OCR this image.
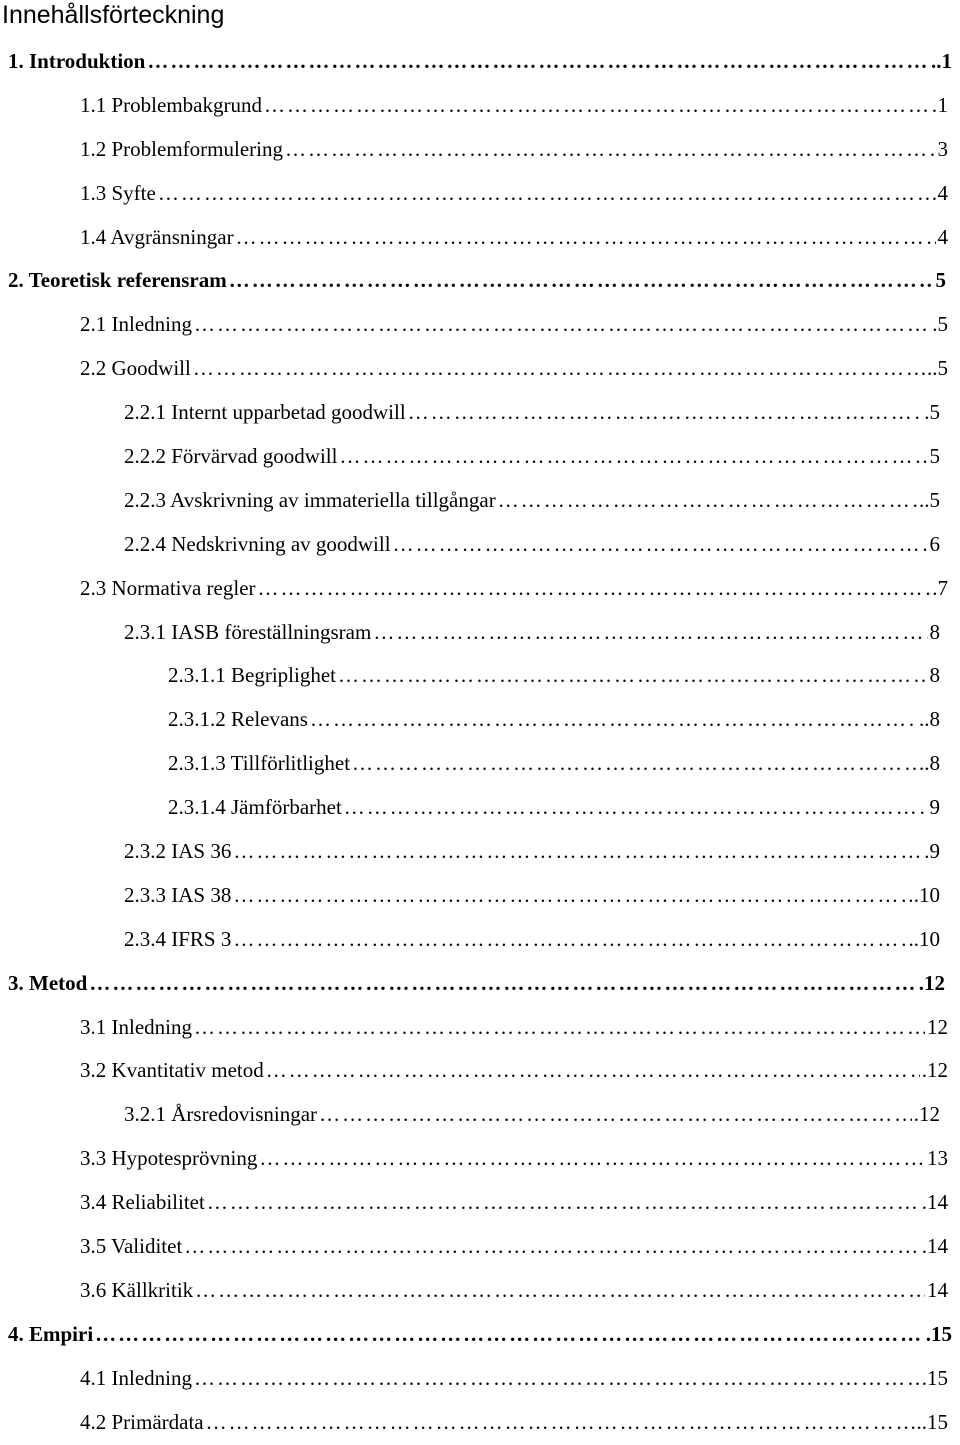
Innehållsförteckning
1. Introduktion …………………………………………………………………………………………………………………………………………………………………………………………	..1
1.1 Problembakgrund …………………………………………………………………………………………………………………………………………………………………………………………	1
1.2 Problemformulering …………………………………………………………………………………………………………………………………………………………………………………………	3
1.3 Syfte …………………………………………………………………………………………………………………………………………………………………………………………	4
1.4 Avgränsningar …………………………………………………………………………………………………………………………………………………………………………………………	4
2. Teoretisk referensram …………………………………………………………………………………………………………………………………………………………………………………………	5
2.1 Inledning …………………………………………………………………………………………………………………………………………………………………………………………	.5
2.2 Goodwill …………………………………………………………………………………………………………………………………………………………………………………………	..5
2.2.1 Internt upparbetad goodwill …………………………………………………………………………………………………………………………………………………………………………………………	.5
2.2.2 Förvärvad goodwill …………………………………………………………………………………………………………………………………………………………………………………………	5
2.2.3 Avskrivning av immateriella tillgångar …………………………………………………………………………………………………………………………………………………………………………………………	..5
2.2.4 Nedskrivning av goodwill …………………………………………………………………………………………………………………………………………………………………………………………	6
2.3 Normativa regler …………………………………………………………………………………………………………………………………………………………………………………………	.7
2.3.1 IASB föreställningsram …………………………………………………………………………………………………………………………………………………………………………………………	8
2.3.1.1 Begriplighet …………………………………………………………………………………………………………………………………………………………………………………………	8
2.3.1.2 Relevans …………………………………………………………………………………………………………………………………………………………………………………………	..8
2.3.1.3 Tillförlitlighet …………………………………………………………………………………………………………………………………………………………………………………………	..8
2.3.1.4 Jämförbarhet …………………………………………………………………………………………………………………………………………………………………………………………	9
2.3.2 IAS 36 …………………………………………………………………………………………………………………………………………………………………………………………	9
2.3.3 IAS 38 …………………………………………………………………………………………………………………………………………………………………………………………	.10
2.3.4 IFRS 3 …………………………………………………………………………………………………………………………………………………………………………………………	..10
3. Metod …………………………………………………………………………………………………………………………………………………………………………………………	.12
3.1 Inledning …………………………………………………………………………………………………………………………………………………………………………………………	12
3.2 Kvantitativ metod …………………………………………………………………………………………………………………………………………………………………………………………	.12
3.2.1 Årsredovisningar …………………………………………………………………………………………………………………………………………………………………………………………	.12
3.3 Hypotesprövning …………………………………………………………………………………………………………………………………………………………………………………………	13
3.4 Reliabilitet …………………………………………………………………………………………………………………………………………………………………………………………	.14
3.5 Validitet …………………………………………………………………………………………………………………………………………………………………………………………	.14
3.6 Källkritik …………………………………………………………………………………………………………………………………………………………………………………………	14
4. Empiri …………………………………………………………………………………………………………………………………………………………………………………………	.15
4.1 Inledning …………………………………………………………………………………………………………………………………………………………………………………………	.15
4.2 Primärdata …………………………………………………………………………………………………………………………………………………………………………………………	..15
